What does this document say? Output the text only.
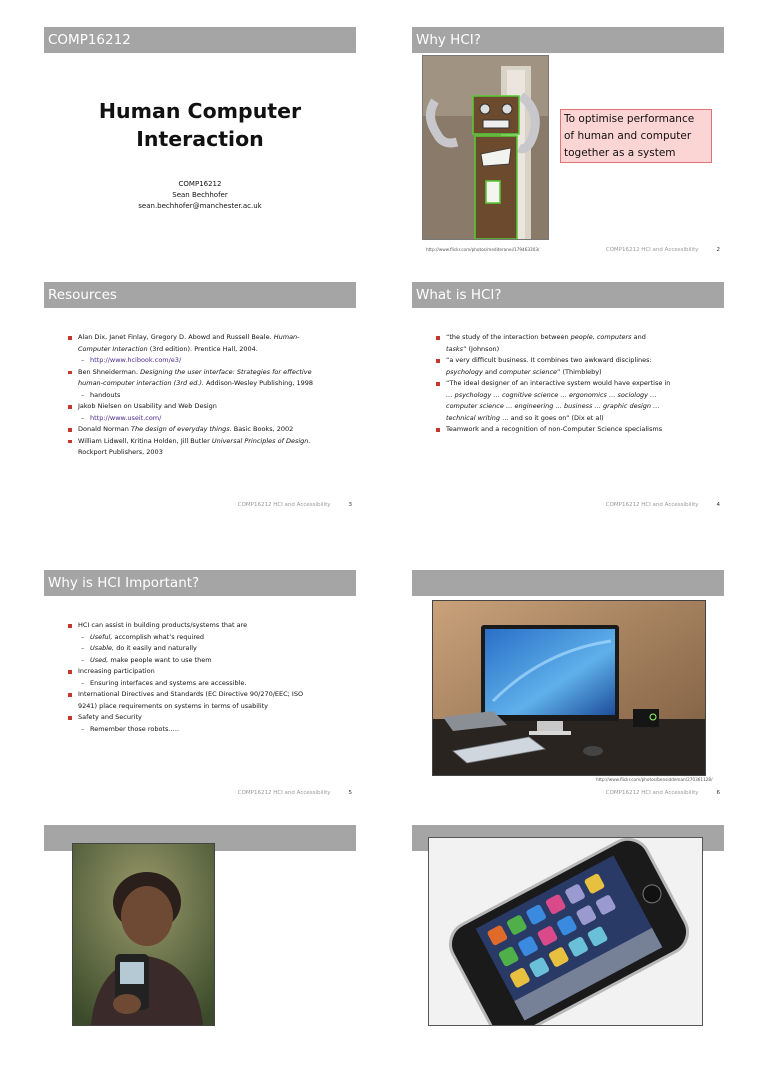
COMP16212
Human Computer
Interaction
COMP16212
Sean Bechhofer
sean.bechhofer@manchester.ac.uk
Why HCI?
To optimise performance
of human and computer
together as a system
http://www.flickr.com/photos/mediteranei/179463303/	COMP16212 HCI and Accessibility	2
Resources
Alan Dix, Janet Finlay, Gregory D. Abowd and Russell Beale. Human-
Computer Interaction (3rd edition). Prentice Hall, 2004.
– http://www.hcibook.com/e3/
Ben Shneiderman. Designing the user interface: Strategies for effective
human-computer interaction (3rd ed.). Addison-Wesley Publishing, 1998
– handouts
Jakob Nielsen on Usability and Web Design
– http://www.useit.com/
Donald Norman The design of everyday things. Basic Books, 2002
William Lidwell, Kritina Holden, Jill Butler Universal Principles of Design.
Rockport Publishers, 2003
COMP16212 HCI and Accessibility	3
What is HCI?
“the study of the interaction between people, computers and
tasks” (Johnson)
“a very difficult business. It combines two awkward disciplines:
psychology and computer science” (Thimbleby)
“The ideal designer of an interactive system would have expertise in
… psychology … cognitive science … ergonomics … sociology …
computer science … engineering … business … graphic design …
technical writing … and so it goes on” (Dix et al)
Teamwork and a recognition of non-Computer Science specialisms
COMP16212 HCI and Accessibility	4
Why is HCI Important?
HCI can assist in building products/systems that are
– Useful, accomplish what’s required
– Usable, do it easily and naturally
– Used, make people want to use them
Increasing participation
– Ensuring interfaces and systems are accessible.
International Directives and Standards (EC Directive 90/270/EEC; ISO
9241) place requirements on systems in terms of usability
Safety and Security
– Remember those robots…..
COMP16212 HCI and Accessibility	5
http://www.flickr.com/photos/bensiddeman/270361128/
COMP16212 HCI and Accessibility	6
